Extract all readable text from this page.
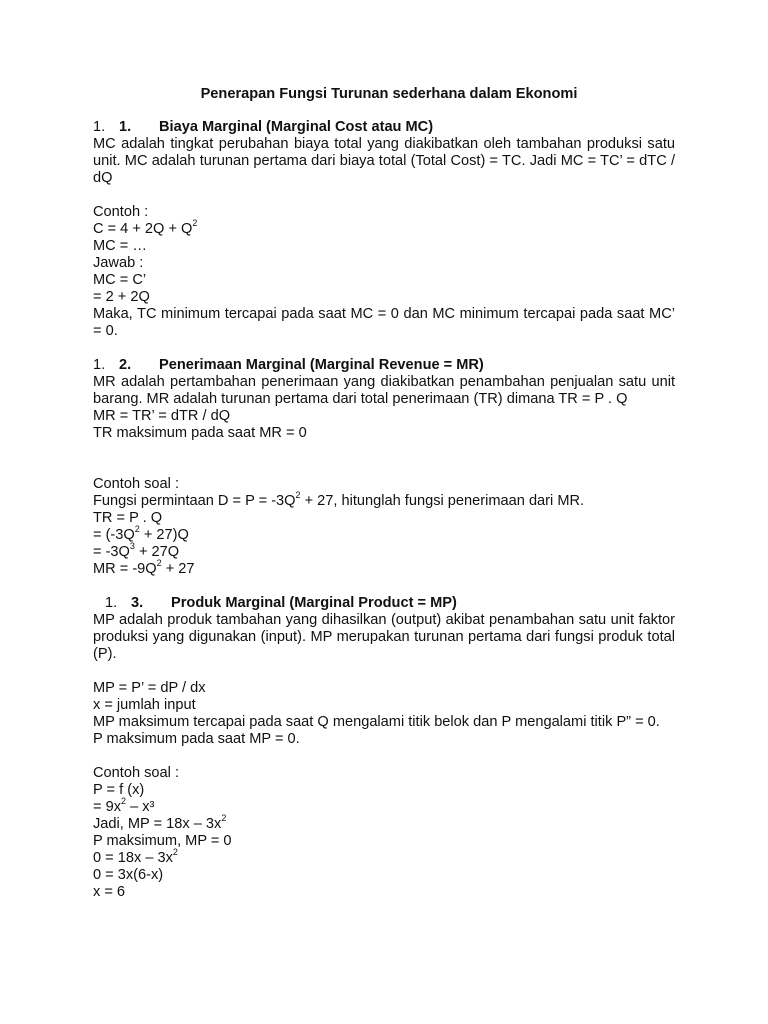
Penerapan Fungsi Turunan sederhana dalam Ekonomi
1. 1. Biaya Marginal (Marginal Cost atau MC)
MC adalah tingkat perubahan biaya total yang diakibatkan oleh tambahan produksi satu unit. MC adalah turunan pertama dari biaya total (Total Cost) = TC. Jadi MC = TC’ = dTC / dQ
Contoh :
$C = 4 + 2Q + Q^2$
MC = …
Jawab :
MC = C’
= 2 + 2Q
Maka, TC minimum tercapai pada saat MC = 0 dan MC minimum tercapai pada saat MC’ = 0.
1. 2. Penerimaan Marginal (Marginal Revenue = MR)
MR adalah pertambahan penerimaan yang diakibatkan penambahan penjualan satu unit barang. MR adalah turunan pertama dari total penerimaan (TR) dimana TR = P . Q
MR = TR’ = dTR / dQ
TR maksimum pada saat MR = 0
Contoh soal :
Fungsi permintaan $D = P = -3Q^2 + 27$, hitunglah fungsi penerimaan dari MR.
TR = P . Q
= $(-3Q^2 + 27)Q$
= $-3Q^3 + 27Q$
MR = $-9Q^2 + 27$
1. 3. Produk Marginal (Marginal Product = MP)
MP adalah produk tambahan yang dihasilkan (output) akibat penambahan satu unit faktor produksi yang digunakan (input). MP merupakan turunan pertama dari fungsi produk total (P).
MP = P’ = dP / dx
x = jumlah input
MP maksimum tercapai pada saat Q mengalami titik belok dan P mengalami titik P” = 0.
P maksimum pada saat MP = 0.
Contoh soal :
P = f (x)
= $9x^2 - x^3$
Jadi, MP = $18x - 3x^2$
P maksimum, MP = 0
$0 = 18x - 3x^2$
0 = 3x(6-x)
x = 6
